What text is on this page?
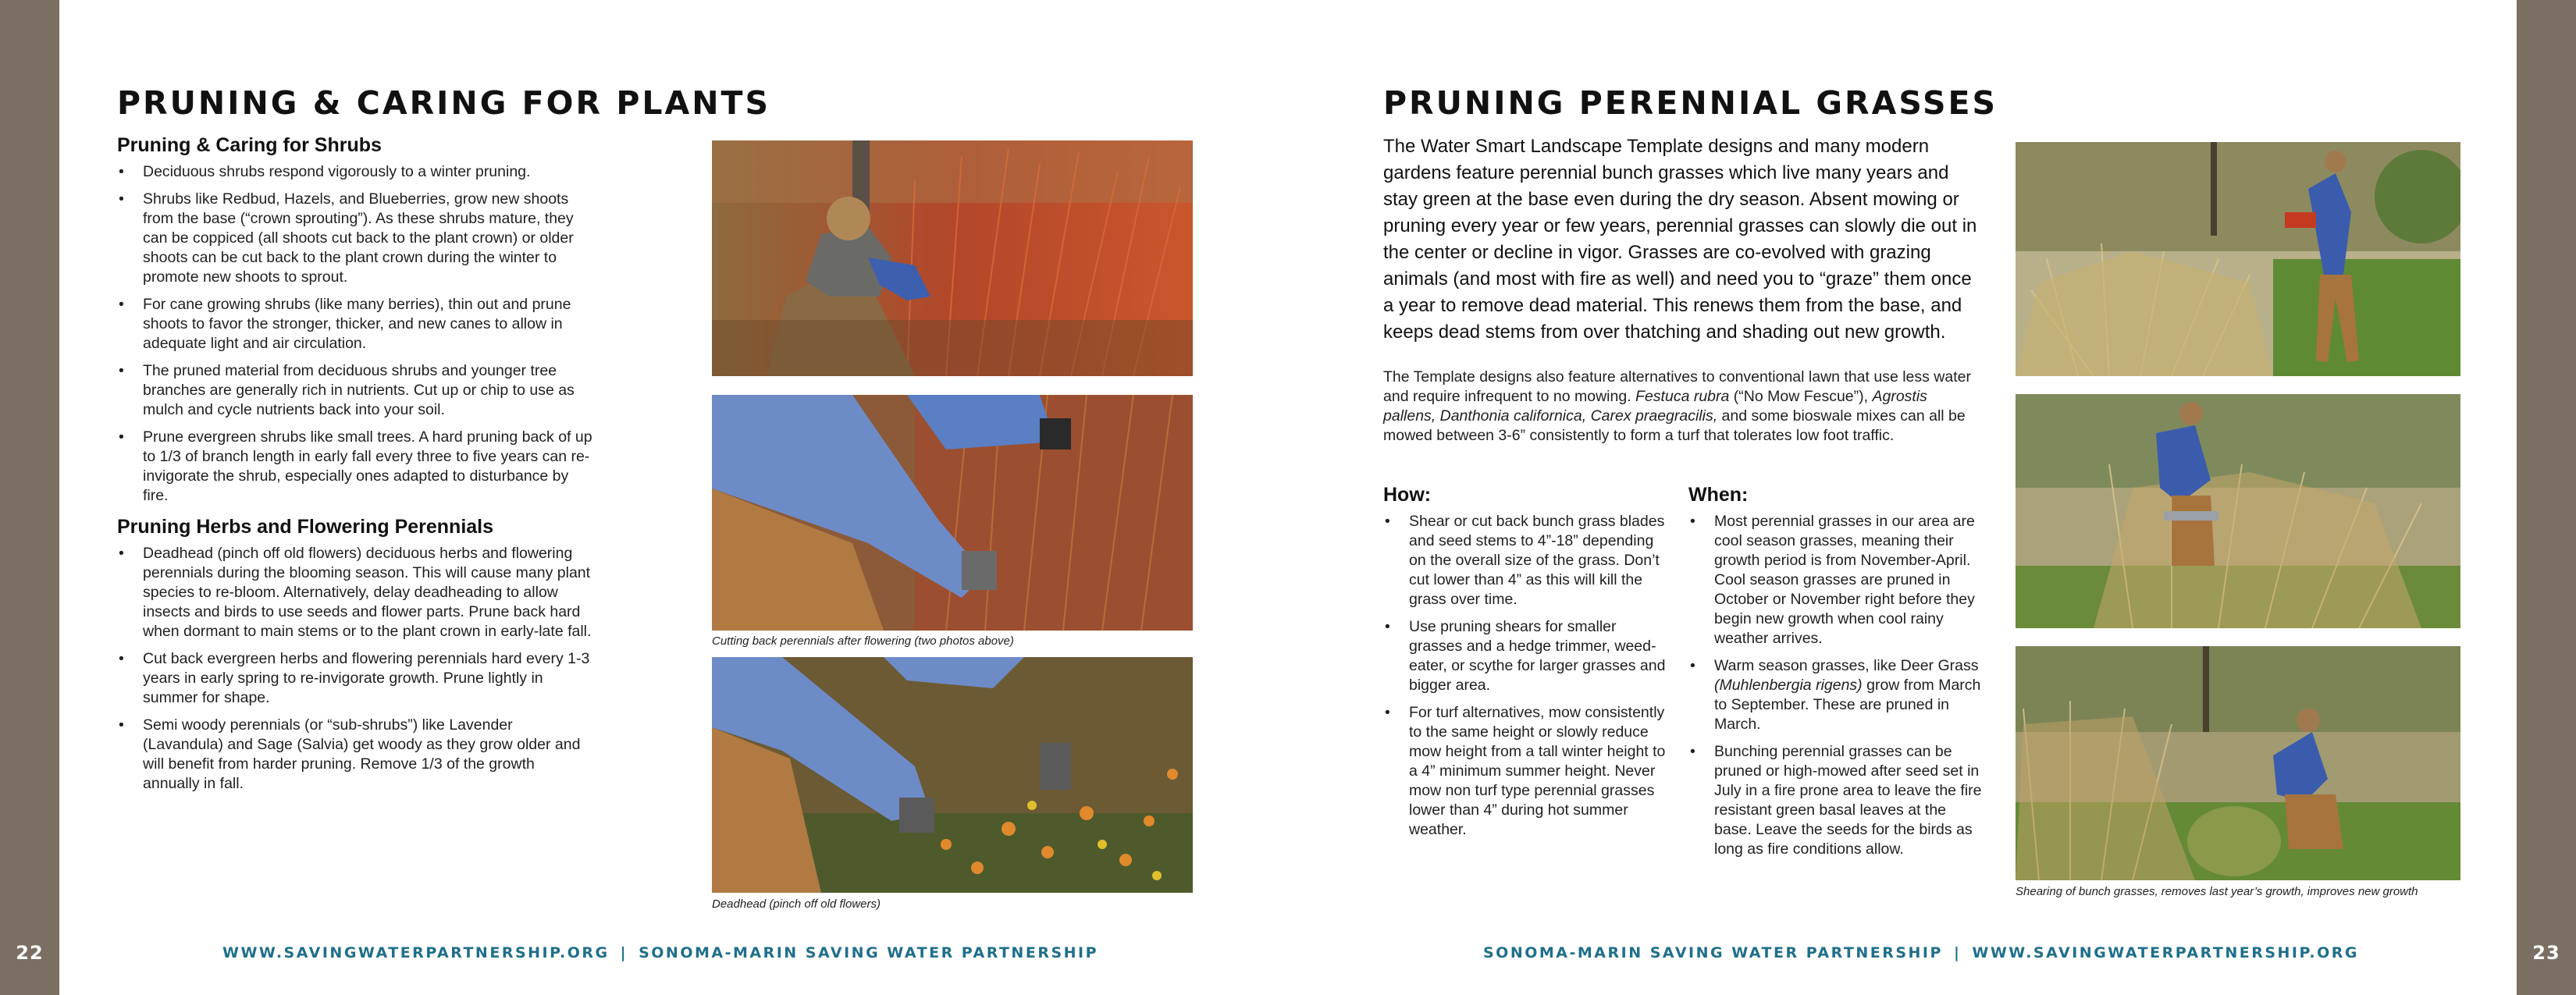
22	23
PRUNING & CARING FOR PLANTS
Pruning & Caring for Shrubs
• Deciduous shrubs respond vigorously to a winter pruning.
• Shrubs like Redbud, Hazels, and Blueberries, grow new shoots from the base (“crown sprouting”). As these shrubs mature, they can be coppiced (all shoots cut back to the plant crown) or older shoots can be cut back to the plant crown during the winter to promote new shoots to sprout.
• For cane growing shrubs (like many berries), thin out and prune shoots to favor the stronger, thicker, and new canes to allow in adequate light and air circulation.
• The pruned material from deciduous shrubs and younger tree branches are generally rich in nutrients. Cut up or chip to use as mulch and cycle nutrients back into your soil.
• Prune evergreen shrubs like small trees. A hard pruning back of up to 1/3 of branch length in early fall every three to five years can re-invigorate the shrub, especially ones adapted to disturbance by fire.
Pruning Herbs and Flowering Perennials
• Deadhead (pinch off old flowers) deciduous herbs and flowering perennials during the blooming season. This will cause many plant species to re-bloom. Alternatively, delay deadheading to allow insects and birds to use seeds and flower parts. Prune back hard when dormant to main stems or to the plant crown in early-late fall.
• Cut back evergreen herbs and flowering perennials hard every 1-3 years in early spring to re-invigorate growth. Prune lightly in summer for shape.
• Semi woody perennials (or “sub-shrubs”) like Lavender (Lavandula) and Sage (Salvia) get woody as they grow older and will benefit from harder pruning. Remove 1/3 of the growth annually in fall.
Cutting back perennials after flowering (two photos above)
Deadhead (pinch off old flowers)
WWW.SAVINGWATERPARTNERSHIP.ORG | SONOMA-MARIN SAVING WATER PARTNERSHIP
PRUNING PERENNIAL GRASSES
The Water Smart Landscape Template designs and many modern gardens feature perennial bunch grasses which live many years and stay green at the base even during the dry season. Absent mowing or pruning every year or few years, perennial grasses can slowly die out in the center or decline in vigor. Grasses are co-evolved with grazing animals (and most with fire as well) and need you to “graze” them once a year to remove dead material. This renews them from the base, and keeps dead stems from over thatching and shading out new growth.
The Template designs also feature alternatives to conventional lawn that use less water and require infrequent to no mowing. Festuca rubra (“No Mow Fescue”), Agrostis pallens, Danthonia californica, Carex praegracilis, and some bioswale mixes can all be mowed between 3-6” consistently to form a turf that tolerates low foot traffic.
How:
• Shear or cut back bunch grass blades and seed stems to 4”-18” depending on the overall size of the grass. Don’t cut lower than 4” as this will kill the grass over time.
• Use pruning shears for smaller grasses and a hedge trimmer, weed-eater, or scythe for larger grasses and bigger area.
• For turf alternatives, mow consistently to the same height or slowly reduce mow height from a tall winter height to a 4” minimum summer height. Never mow non turf type perennial grasses lower than 4” during hot summer weather.
When:
• Most perennial grasses in our area are cool season grasses, meaning their growth period is from November-April. Cool season grasses are pruned in October or November right before they begin new growth when cool rainy weather arrives.
• Warm season grasses, like Deer Grass (Muhlenbergia rigens) grow from March to September. These are pruned in March.
• Bunching perennial grasses can be pruned or high-mowed after seed set in July in a fire prone area to leave the fire resistant green basal leaves at the base. Leave the seeds for the birds as long as fire conditions allow.
Shearing of bunch grasses, removes last year’s growth, improves new growth
SONOMA-MARIN SAVING WATER PARTNERSHIP | WWW.SAVINGWATERPARTNERSHIP.ORG
